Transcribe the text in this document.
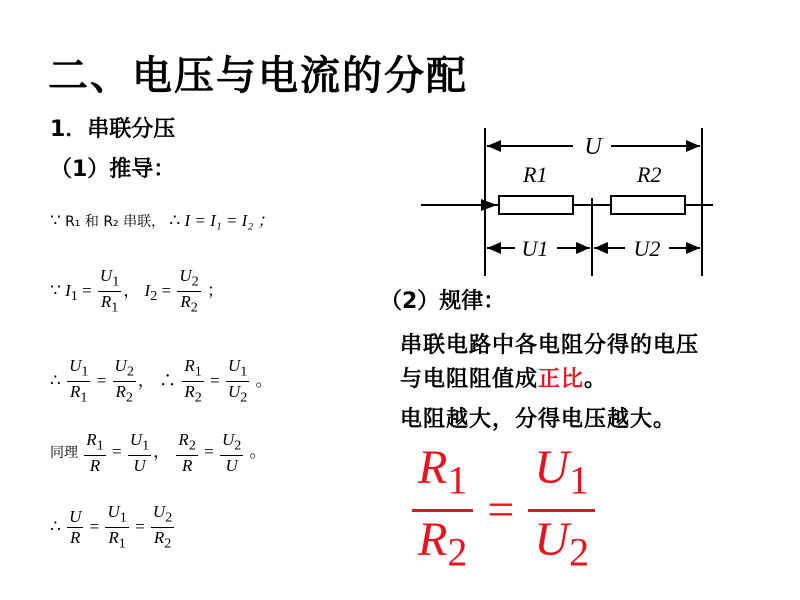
二、电压与电流的分配
1．串联分压
（1）推导：
∵ R₁ 和 R₂ 串联， ∴ I = I₁ = I₂ ；
∵ $I_1 = \frac{U_1}{R_1}$ ， $I_2 = \frac{U_2}{R_2}$ ；
∴ $\frac{U_1}{R_1} = \frac{U_2}{R_2}$ ， ∴ $\frac{R_1}{R_2} = \frac{U_1}{U_2}$ 。
同理 $\frac{R_1}{R} = \frac{U_1}{U}$ ， $\frac{R_2}{R} = \frac{U_2}{U}$ 。
∴ $\frac{U}{R} = \frac{U_1}{R_1} = \frac{U_2}{R_2}$
U
R1	R2
U1	U2
（2）规律：
串联电路中各电阻分得的电压
与电阻阻值成正比。
电阻越大，分得电压越大。
$\frac{R_1}{R_2} = \frac{U_1}{U_2}$
